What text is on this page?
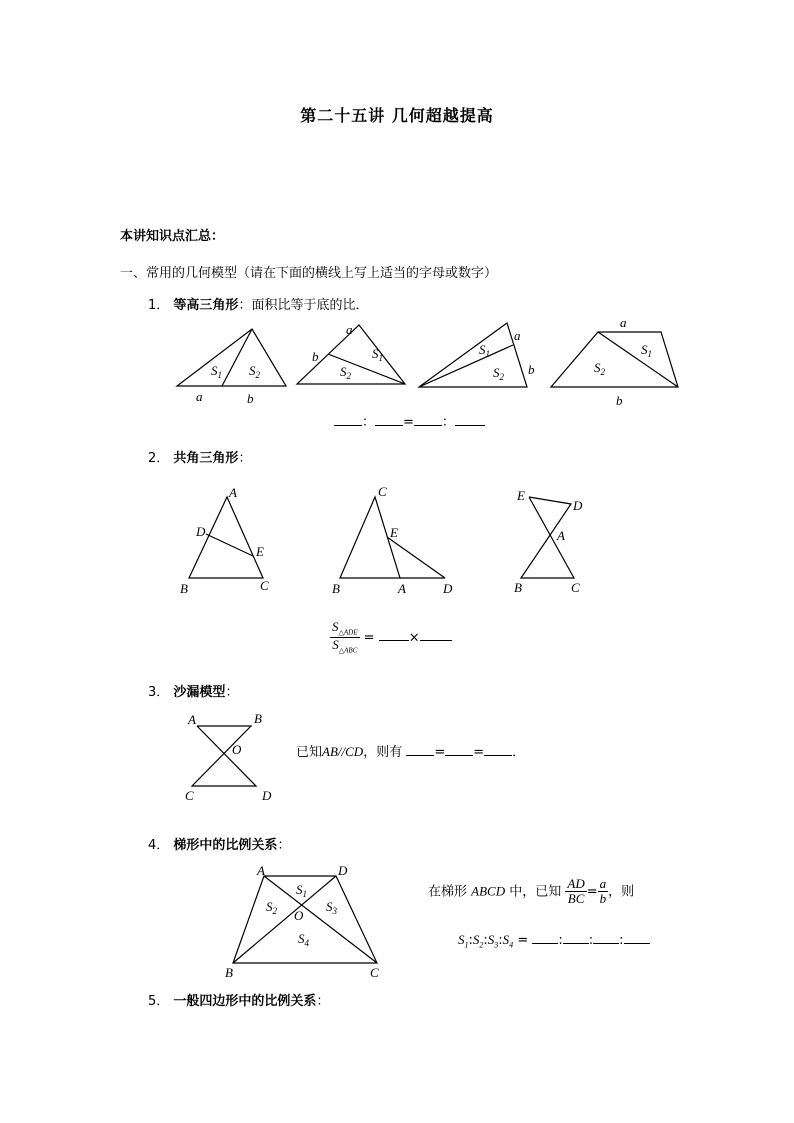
第二十五讲 几何超越提高
本讲知识点汇总：
一、常用的几何模型（请在下面的横线上写上适当的字母或数字）
1． 等高三角形：面积比等于底的比．
2． 共角三角形：
3． 沙漏模型：
4． 梯形中的比例关系：
5． 一般四边形中的比例关系：
： = ：
$\frac{S_{\triangle ADE}}{S_{\triangle ABC}}$ =	×
已知AB//CD，则有 = = ．
在梯形 ABCD 中，已知 $\frac{AD}{BC} = \frac{a}{b}$ ，则
$S_1:S_2:S_3:S_4$ = : : :
$S_1$ $S_2$
a	b
a
b	$S_1$
$S_2$
a
b
$S_1$
$S_2$
a
b
$S_1$
$S_2$
A
D
E
B	C
C
E
B	A	D
E
D
A
B	C
A	B
O
C	D
A	D
O
B	C
$S_1$
$S_2$	$S_3$
$S_4$
